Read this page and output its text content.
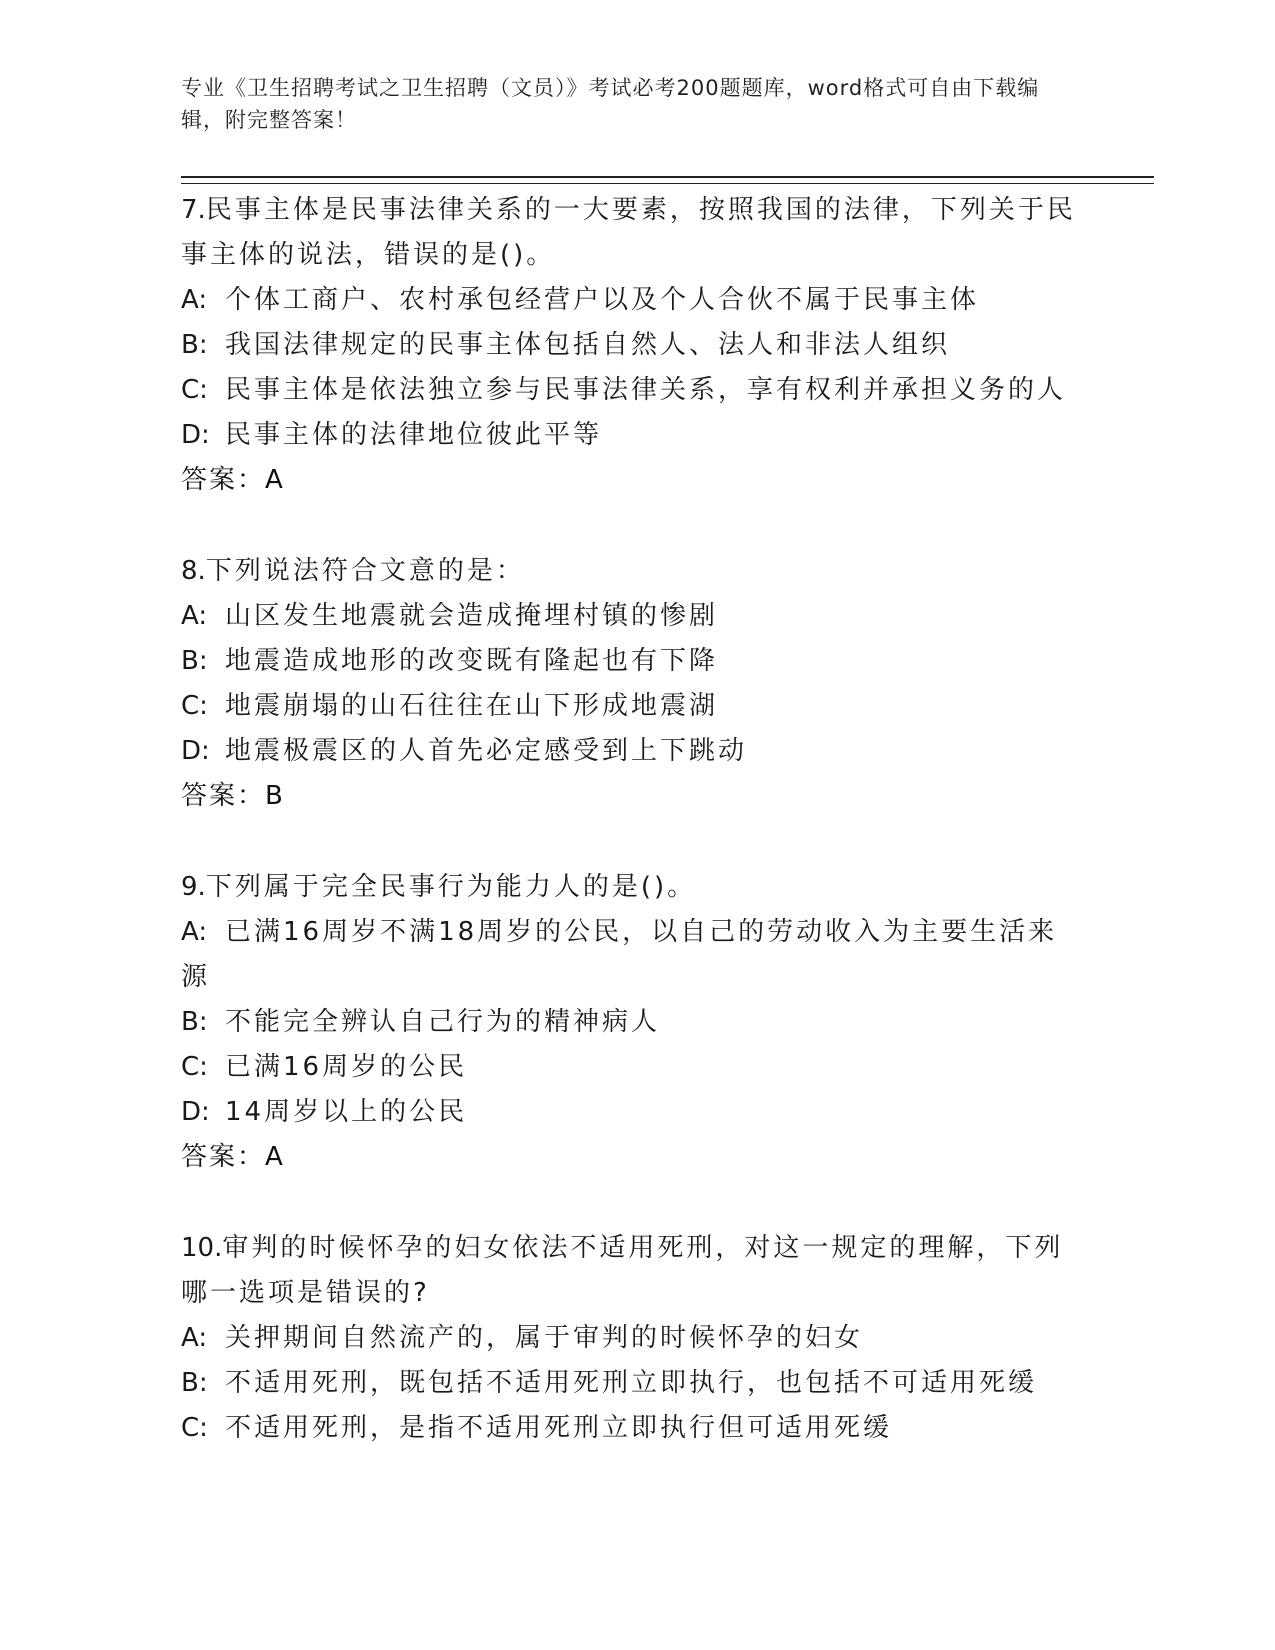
专业《卫生招聘考试之卫生招聘（文员）》考试必考200题题库，word格式可自由下载编辑，附完整答案！
7.民事主体是民事法律关系的一大要素，按照我国的法律，下列关于民事主体的说法，错误的是()。
A: 个体工商户、农村承包经营户以及个人合伙不属于民事主体
B: 我国法律规定的民事主体包括自然人、法人和非法人组织
C: 民事主体是依法独立参与民事法律关系，享有权利并承担义务的人
D: 民事主体的法律地位彼此平等
答案：A
8.下列说法符合文意的是：
A: 山区发生地震就会造成掩埋村镇的惨剧
B: 地震造成地形的改变既有隆起也有下降
C: 地震崩塌的山石往往在山下形成地震湖
D: 地震极震区的人首先必定感受到上下跳动
答案：B
9.下列属于完全民事行为能力人的是()。
A: 已满16周岁不满18周岁的公民，以自己的劳动收入为主要生活来源
B: 不能完全辨认自己行为的精神病人
C: 已满16周岁的公民
D: 14周岁以上的公民
答案：A
10.审判的时候怀孕的妇女依法不适用死刑，对这一规定的理解，下列哪一选项是错误的?
A: 关押期间自然流产的，属于审判的时候怀孕的妇女
B: 不适用死刑，既包括不适用死刑立即执行，也包括不可适用死缓
C: 不适用死刑，是指不适用死刑立即执行但可适用死缓
